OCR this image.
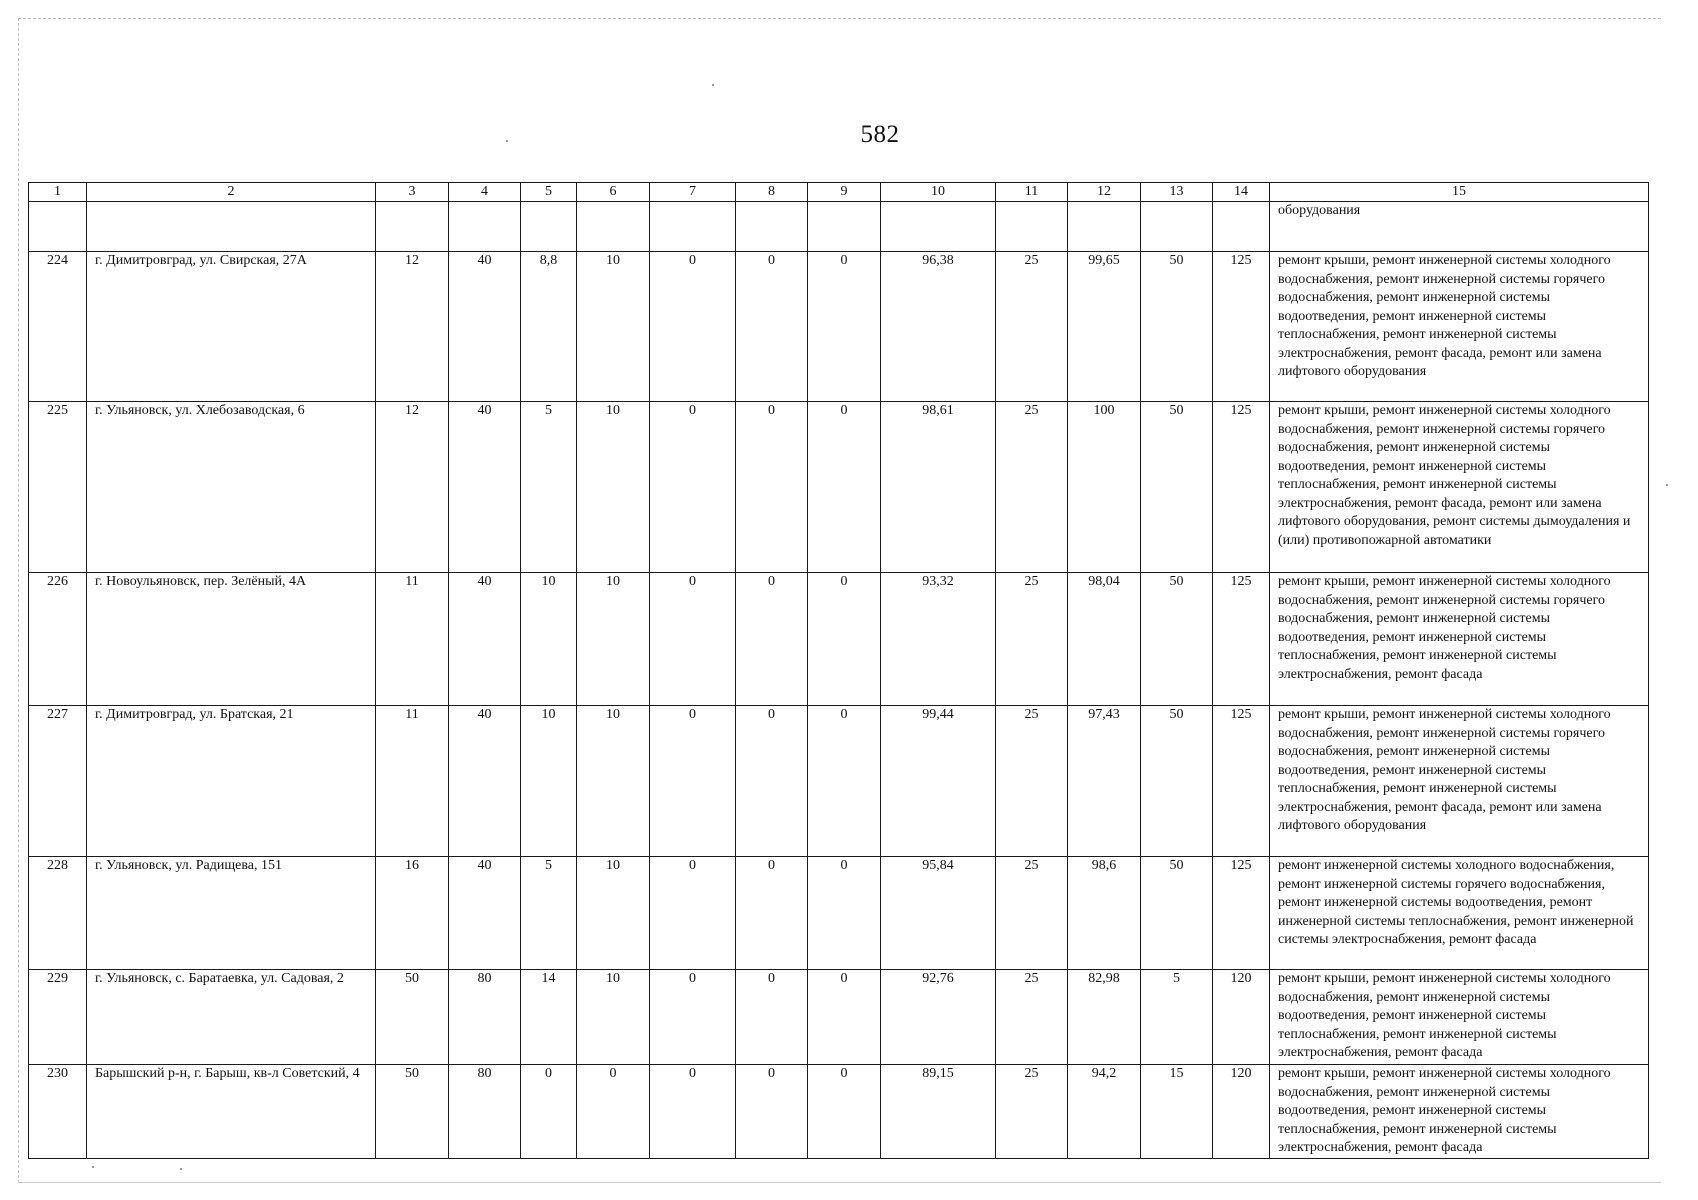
582
1	2	3	4	5	6	7	8	9	10	11	12	13	14	15
														оборудования
224	г. Димитровград, ул. Свирская, 27А	12	40	8,8	10	0	0	0	96,38	25	99,65	50	125	ремонт крыши, ремонт инженерной системы холодного водоснабжения, ремонт инженерной системы горячего водоснабжения, ремонт инженерной системы водоотведения, ремонт инженерной системы теплоснабжения, ремонт инженерной системы электроснабжения, ремонт фасада, ремонт или замена лифтового оборудования
225	г. Ульяновск, ул. Хлебозаводская, 6	12	40	5	10	0	0	0	98,61	25	100	50	125	ремонт крыши, ремонт инженерной системы холодного водоснабжения, ремонт инженерной системы горячего водоснабжения, ремонт инженерной системы водоотведения, ремонт инженерной системы теплоснабжения, ремонт инженерной системы электроснабжения, ремонт фасада, ремонт или замена лифтового оборудования, ремонт системы дымоудаления и (или) противопожарной автоматики
226	г. Новоульяновск, пер. Зелёный, 4А	11	40	10	10	0	0	0	93,32	25	98,04	50	125	ремонт крыши, ремонт инженерной системы холодного водоснабжения, ремонт инженерной системы горячего водоснабжения, ремонт инженерной системы водоотведения, ремонт инженерной системы теплоснабжения, ремонт инженерной системы электроснабжения, ремонт фасада
227	г. Димитровград, ул. Братская, 21	11	40	10	10	0	0	0	99,44	25	97,43	50	125	ремонт крыши, ремонт инженерной системы холодного водоснабжения, ремонт инженерной системы горячего водоснабжения, ремонт инженерной системы водоотведения, ремонт инженерной системы теплоснабжения, ремонт инженерной системы электроснабжения, ремонт фасада, ремонт или замена лифтового оборудования
228	г. Ульяновск, ул. Радищева, 151	16	40	5	10	0	0	0	95,84	25	98,6	50	125	ремонт инженерной системы холодного водоснабжения, ремонт инженерной системы горячего водоснабжения, ремонт инженерной системы водоотведения, ремонт инженерной системы теплоснабжения, ремонт инженерной системы электроснабжения, ремонт фасада
229	г. Ульяновск, с. Баратаевка, ул. Садовая, 2	50	80	14	10	0	0	0	92,76	25	82,98	5	120	ремонт крыши, ремонт инженерной системы холодного водоснабжения, ремонт инженерной системы водоотведения, ремонт инженерной системы теплоснабжения, ремонт инженерной системы электроснабжения, ремонт фасада
230	Барышский р-н, г. Барыш, кв-л Советский, 4	50	80	0	0	0	0	0	89,15	25	94,2	15	120	ремонт крыши, ремонт инженерной системы холодного водоснабжения, ремонт инженерной системы водоотведения, ремонт инженерной системы теплоснабжения, ремонт инженерной системы электроснабжения, ремонт фасада
